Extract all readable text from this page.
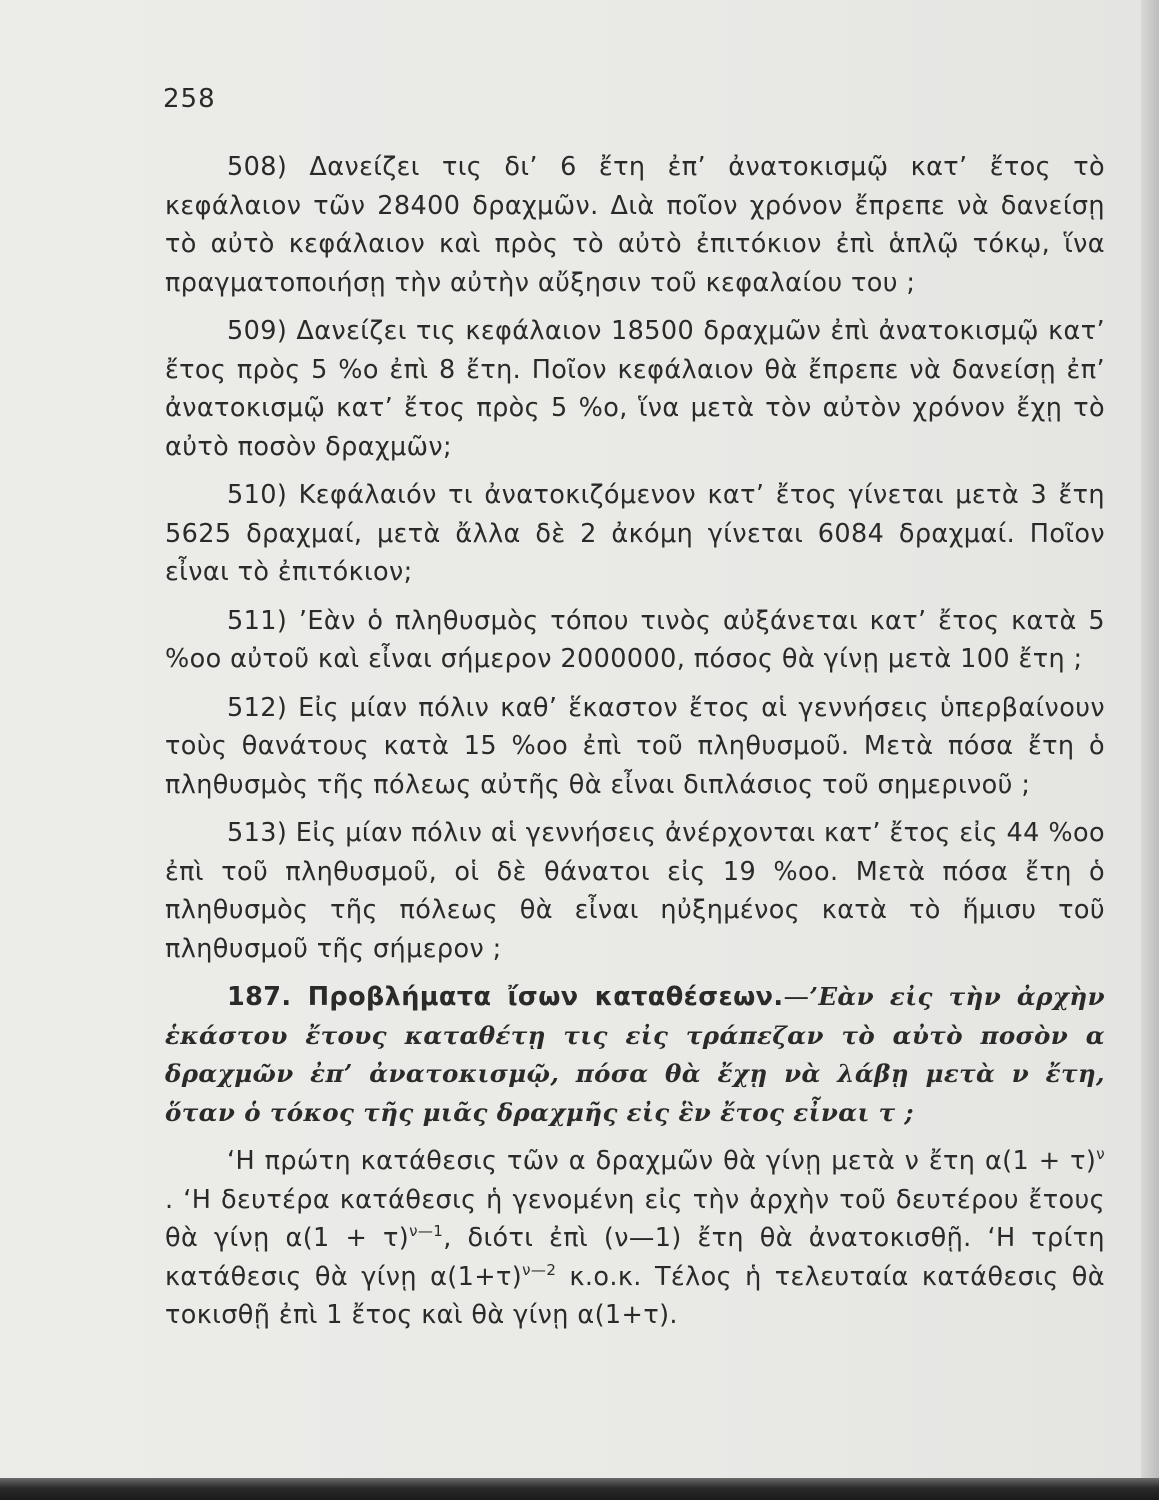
258

508) Δανείζει τις δι’ 6 ἔτη ἐπ’ ἀνατοκισμῷ κατ’ ἔτος τὸ κεφάλαιον τῶν 28400 δραχμῶν. Διὰ ποῖον χρόνον ἔπρεπε νὰ δανείσῃ τὸ αὐτὸ κεφάλαιον καὶ πρὸς τὸ αὐτὸ ἐπιτόκιον ἐπὶ ἁπλῷ τόκῳ, ἵνα πραγματοποιήσῃ τὴν αὐτὴν αὔξησιν τοῦ κεφαλαίου του ;

509) Δανείζει τις κεφάλαιον 18500 δραχμῶν ἐπὶ ἀνατοκισμῷ κατ’ ἔτος πρὸς 5 %ο ἐπὶ 8 ἔτη. Ποῖον κεφάλαιον θὰ ἔπρεπε νὰ δανείσῃ ἐπ’ ἀνατοκισμῷ κατ’ ἔτος πρὸς 5 %ο, ἵνα μετὰ τὸν αὐτὸν χρόνον ἔχῃ τὸ αὐτὸ ποσὸν δραχμῶν;

510) Κεφάλαιόν τι ἀνατοκιζόμενον κατ’ ἔτος γίνεται μετὰ 3 ἔτη 5625 δραχμαί, μετὰ ἄλλα δὲ 2 ἀκόμη γίνεται 6084 δραχμαί. Ποῖον εἶναι τὸ ἐπιτόκιον;

511) ’Εὰν ὁ πληθυσμὸς τόπου τινὸς αὐξάνεται κατ’ ἔτος κατὰ 5 %οο αὐτοῦ καὶ εἶναι σήμερον 2000000, πόσος θὰ γίνῃ μετὰ 100 ἔτη ;

512) Εἰς μίαν πόλιν καθ’ ἕκαστον ἔτος αἱ γεννήσεις ὑπερβαίνουν τοὺς θανάτους κατὰ 15 %οο ἐπὶ τοῦ πληθυσμοῦ. Μετὰ πόσα ἔτη ὁ πληθυσμὸς τῆς πόλεως αὐτῆς θὰ εἶναι διπλάσιος τοῦ σημερινοῦ ;

513) Εἰς μίαν πόλιν αἱ γεννήσεις ἀνέρχονται κατ’ ἔτος εἰς 44 %οο ἐπὶ τοῦ πληθυσμοῦ, οἱ δὲ θάνατοι εἰς 19 %οο. Μετὰ πόσα ἔτη ὁ πληθυσμὸς τῆς πόλεως θὰ εἶναι ηὐξημένος κατὰ τὸ ἥμισυ τοῦ πληθυσμοῦ τῆς σήμερον ;

187. Προβλήματα ἴσων καταθέσεων.—’Εὰν εἰς τὴν ἀρχὴν ἑκάστου ἔτους καταθέτῃ τις εἰς τράπεζαν τὸ αὐτὸ ποσὸν α δραχμῶν ἐπ’ ἀνατοκισμῷ, πόσα θὰ ἔχῃ νὰ λάβῃ μετὰ ν ἔτη, ὅταν ὁ τόκος τῆς μιᾶς δραχμῆς εἰς ἓν ἔτος εἶναι τ ;

‘Η πρώτη κατάθεσις τῶν α δραχμῶν θὰ γίνῃ μετὰ ν ἔτη $\alpha(1 + \tau)^\nu$ . ‘Η δευτέρα κατάθεσις ἡ γενομένη εἰς τὴν ἀρχὴν τοῦ δευτέρου ἔτους θὰ γίνῃ $\alpha(1 + \tau)^{\nu—1}$, διότι ἐπὶ (ν—1) ἔτη θὰ ἀνατοκισθῇ. ‘Η τρίτη κατάθεσις θὰ γίνῃ $\alpha(1+\tau)^{\nu—2}$ κ.ο.κ. Τέλος ἡ τελευταία κατάθεσις θὰ τοκισθῇ ἐπὶ 1 ἔτος καὶ θὰ γίνῃ α(1+τ).
